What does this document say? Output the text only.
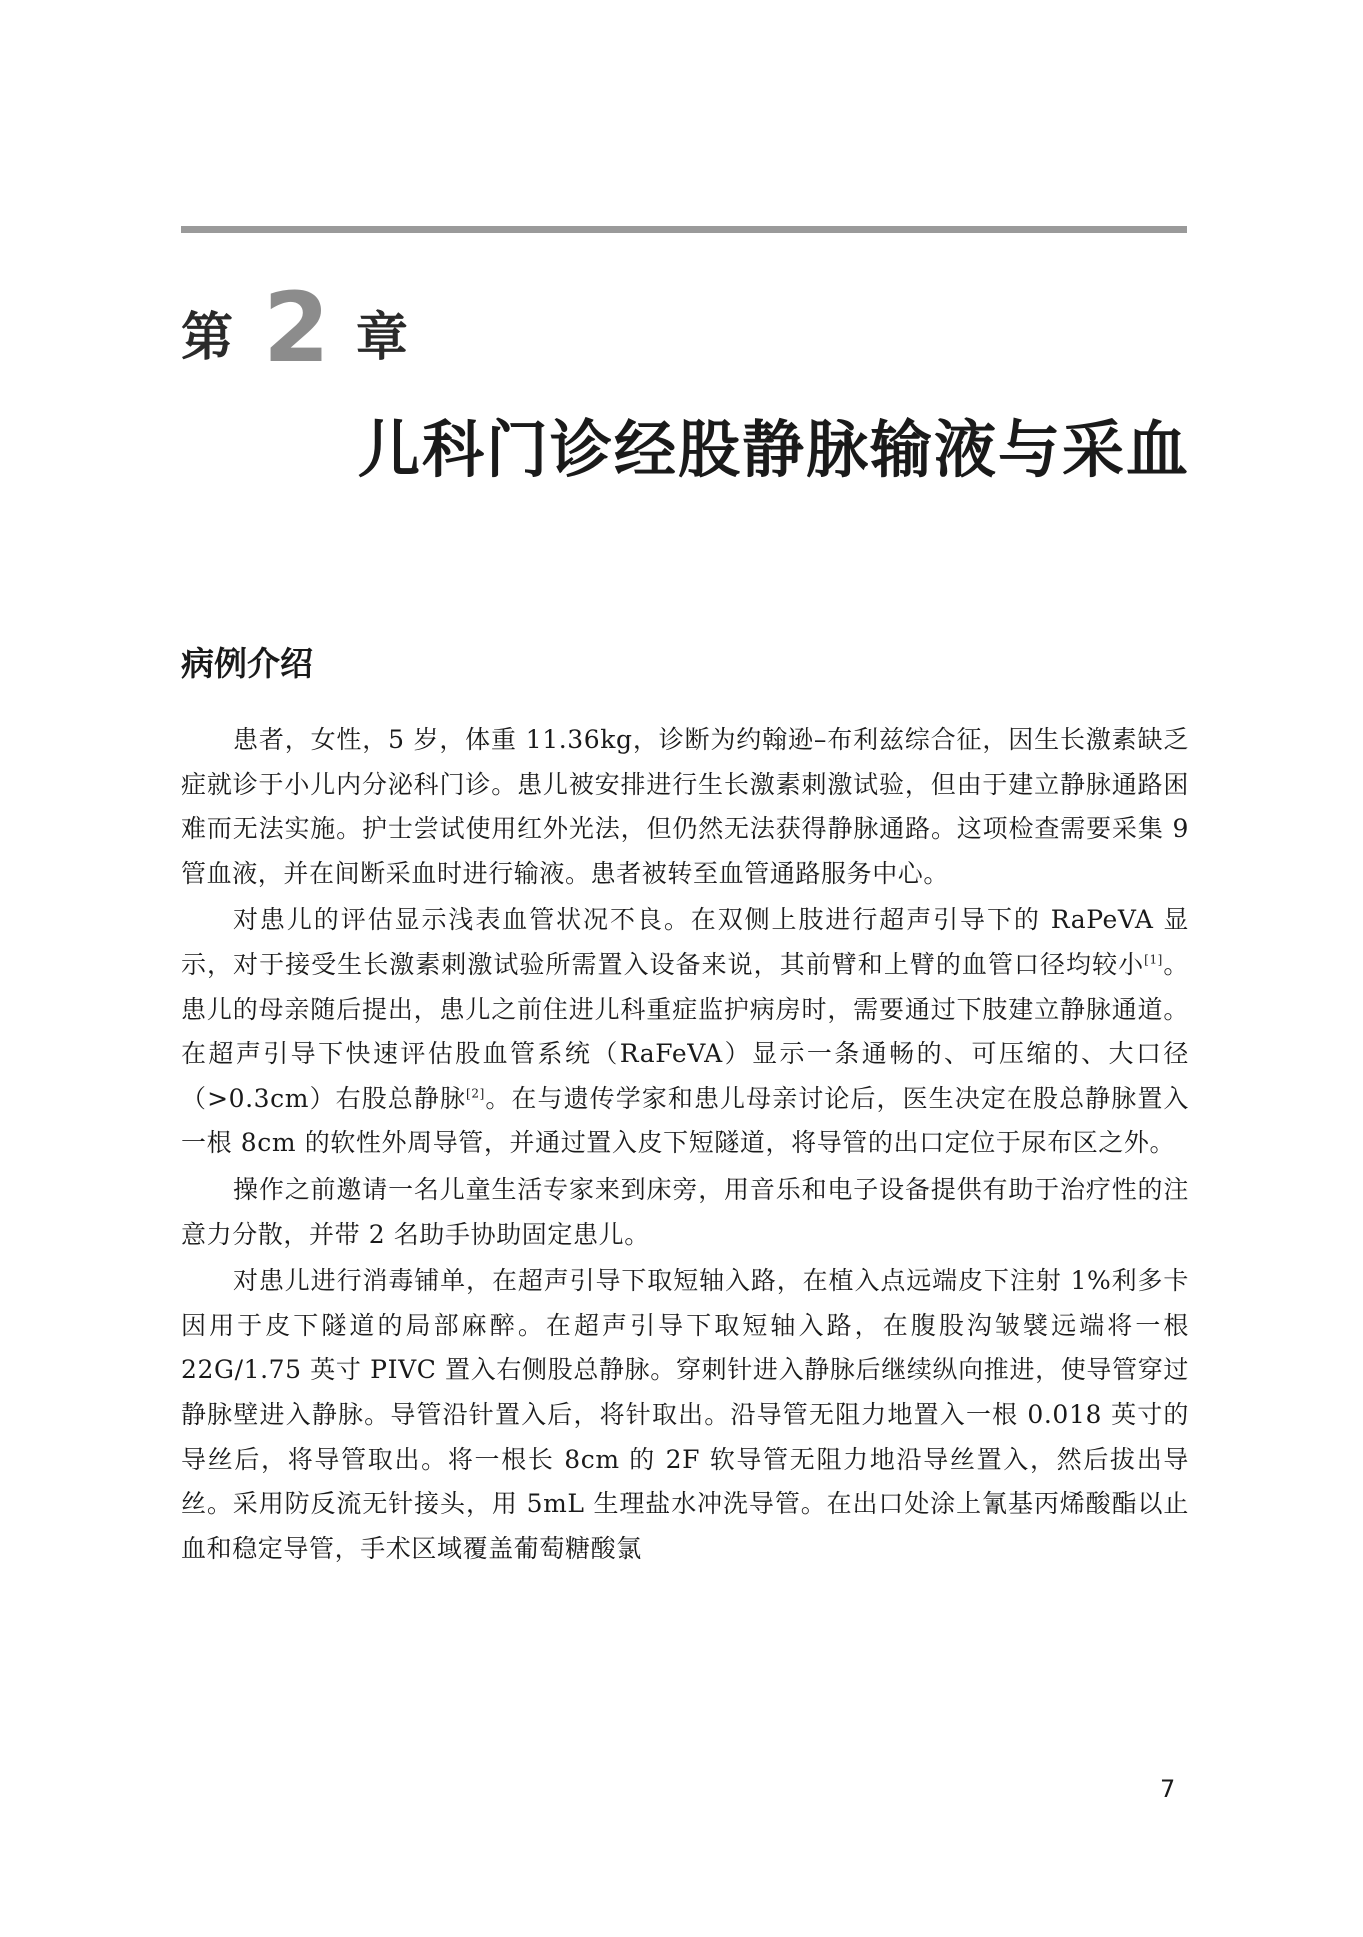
第 2 章
儿科门诊经股静脉输液与采血
病例介绍

患者，女性，5 岁，体重 11.36kg，诊断为约翰逊–布利兹综合征，因生长激素缺乏症就诊于小儿内分泌科门诊。患儿被安排进行生长激素刺激试验，但由于建立静脉通路困难而无法实施。护士尝试使用红外光法，但仍然无法获得静脉通路。这项检查需要采集 9 管血液，并在间断采血时进行输液。患者被转至血管通路服务中心。

对患儿的评估显示浅表血管状况不良。在双侧上肢进行超声引导下的 RaPeVA 显示，对于接受生长激素刺激试验所需置入设备来说，其前臂和上臂的血管口径均较小[1]。患儿的母亲随后提出，患儿之前住进儿科重症监护病房时，需要通过下肢建立静脉通道。在超声引导下快速评估股血管系统（RaFeVA）显示一条通畅的、可压缩的、大口径（>0.3cm）右股总静脉[2]。在与遗传学家和患儿母亲讨论后，医生决定在股总静脉置入一根 8cm 的软性外周导管，并通过置入皮下短隧道，将导管的出口定位于尿布区之外。

操作之前邀请一名儿童生活专家来到床旁，用音乐和电子设备提供有助于治疗性的注意力分散，并带 2 名助手协助固定患儿。

对患儿进行消毒铺单，在超声引导下取短轴入路，在植入点远端皮下注射 1%利多卡因用于皮下隧道的局部麻醉。在超声引导下取短轴入路，在腹股沟皱襞远端将一根 22G/1.75 英寸 PIVC 置入右侧股总静脉。穿刺针进入静脉后继续纵向推进，使导管穿过静脉壁进入静脉。导管沿针置入后，将针取出。沿导管无阻力地置入一根 0.018 英寸的导丝后，将导管取出。将一根长 8cm 的 2F 软导管无阻力地沿导丝置入，然后拔出导丝。采用防反流无针接头，用 5mL 生理盐水冲洗导管。在出口处涂上氰基丙烯酸酯以止血和稳定导管，手术区域覆盖葡萄糖酸氯

7
